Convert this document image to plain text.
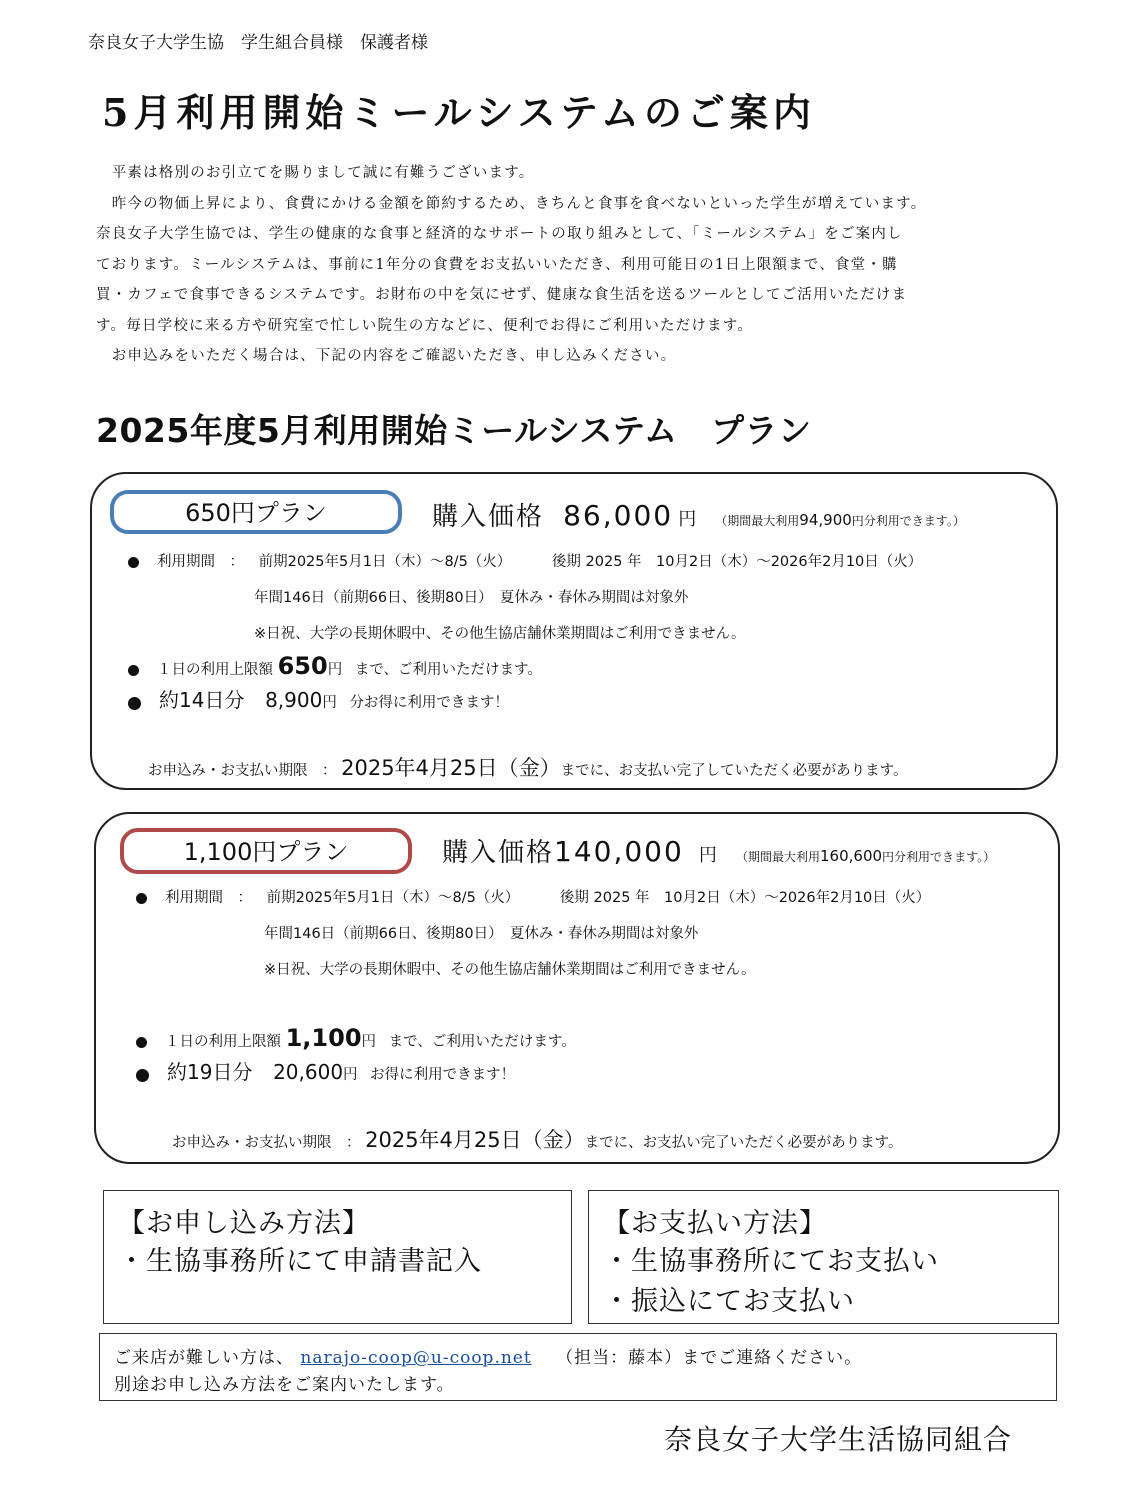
奈良女子大学生協　学生組合員様　保護者様
5月利用開始ミールシステムのご案内

　平素は格別のお引立てを賜りまして誠に有難うございます。

　昨今の物価上昇により、食費にかける金額を節約するため、きちんと食事を食べないといった学生が増えています。

奈良女子大学生協では、学生の健康的な食事と経済的なサポートの取り組みとして、「ミールシステム」をご案内し

ております。ミールシステムは、事前に1年分の食費をお支払いいただき、利用可能日の1日上限額まで、食堂・購

買・カフェで食事できるシステムです。お財布の中を気にせず、健康な食生活を送るツールとしてご活用いただけま

す。毎日学校に来る方や研究室で忙しい院生の方などに、便利でお得にご利用いただけます。

　お申込みをいただく場合は、下記の内容をご確認いただき、申し込みください。

2025年度5月利用開始ミールシステム　プラン
650円プラン	購入価格 86,000 円 （期間最大利用94,900円分利用できます。）
利用期間　： 前期2025年5月1日（木）～8/5（火）	後期 2025 年　10月2日（木）～2026年2月10日（火）
年間146日（前期66日、後期80日）　夏休み・春休み期間は対象外
※日祝、大学の長期休暇中、その他生協店舗休業期間はご利用できません。
１日の利用上限額 650円 まで、ご利用いただけます。
約14日分 8,900円 分お得に利用できます！
お申込み・お支払い期限　： 2025年4月25日（金）までに、お支払い完了していただく必要があります。
1,100円プラン	購入価格140,000 円 （期間最大利用160,600円分利用できます。）
利用期間　： 前期2025年5月1日（木）～8/5（火）	後期 2025 年　10月2日（木）～2026年2月10日（火）
年間146日（前期66日、後期80日）　夏休み・春休み期間は対象外
※日祝、大学の長期休暇中、その他生協店舗休業期間はご利用できません。
１日の利用上限額 1,100円 まで、ご利用いただけます。
約19日分 20,600円 お得に利用できます！
お申込み・お支払い期限　： 2025年4月25日（金）までに、お支払い完了いただく必要があります。
【お申し込み方法】
・生協事務所にて申請書記入
【お支払い方法】
・生協事務所にてお支払い
・振込にてお支払い
ご来店が難しい方は、 narajo-coop@u-coop.net （担当：藤本）までご連絡ください。
別途お申し込み方法をご案内いたします。
奈良女子大学生活協同組合
